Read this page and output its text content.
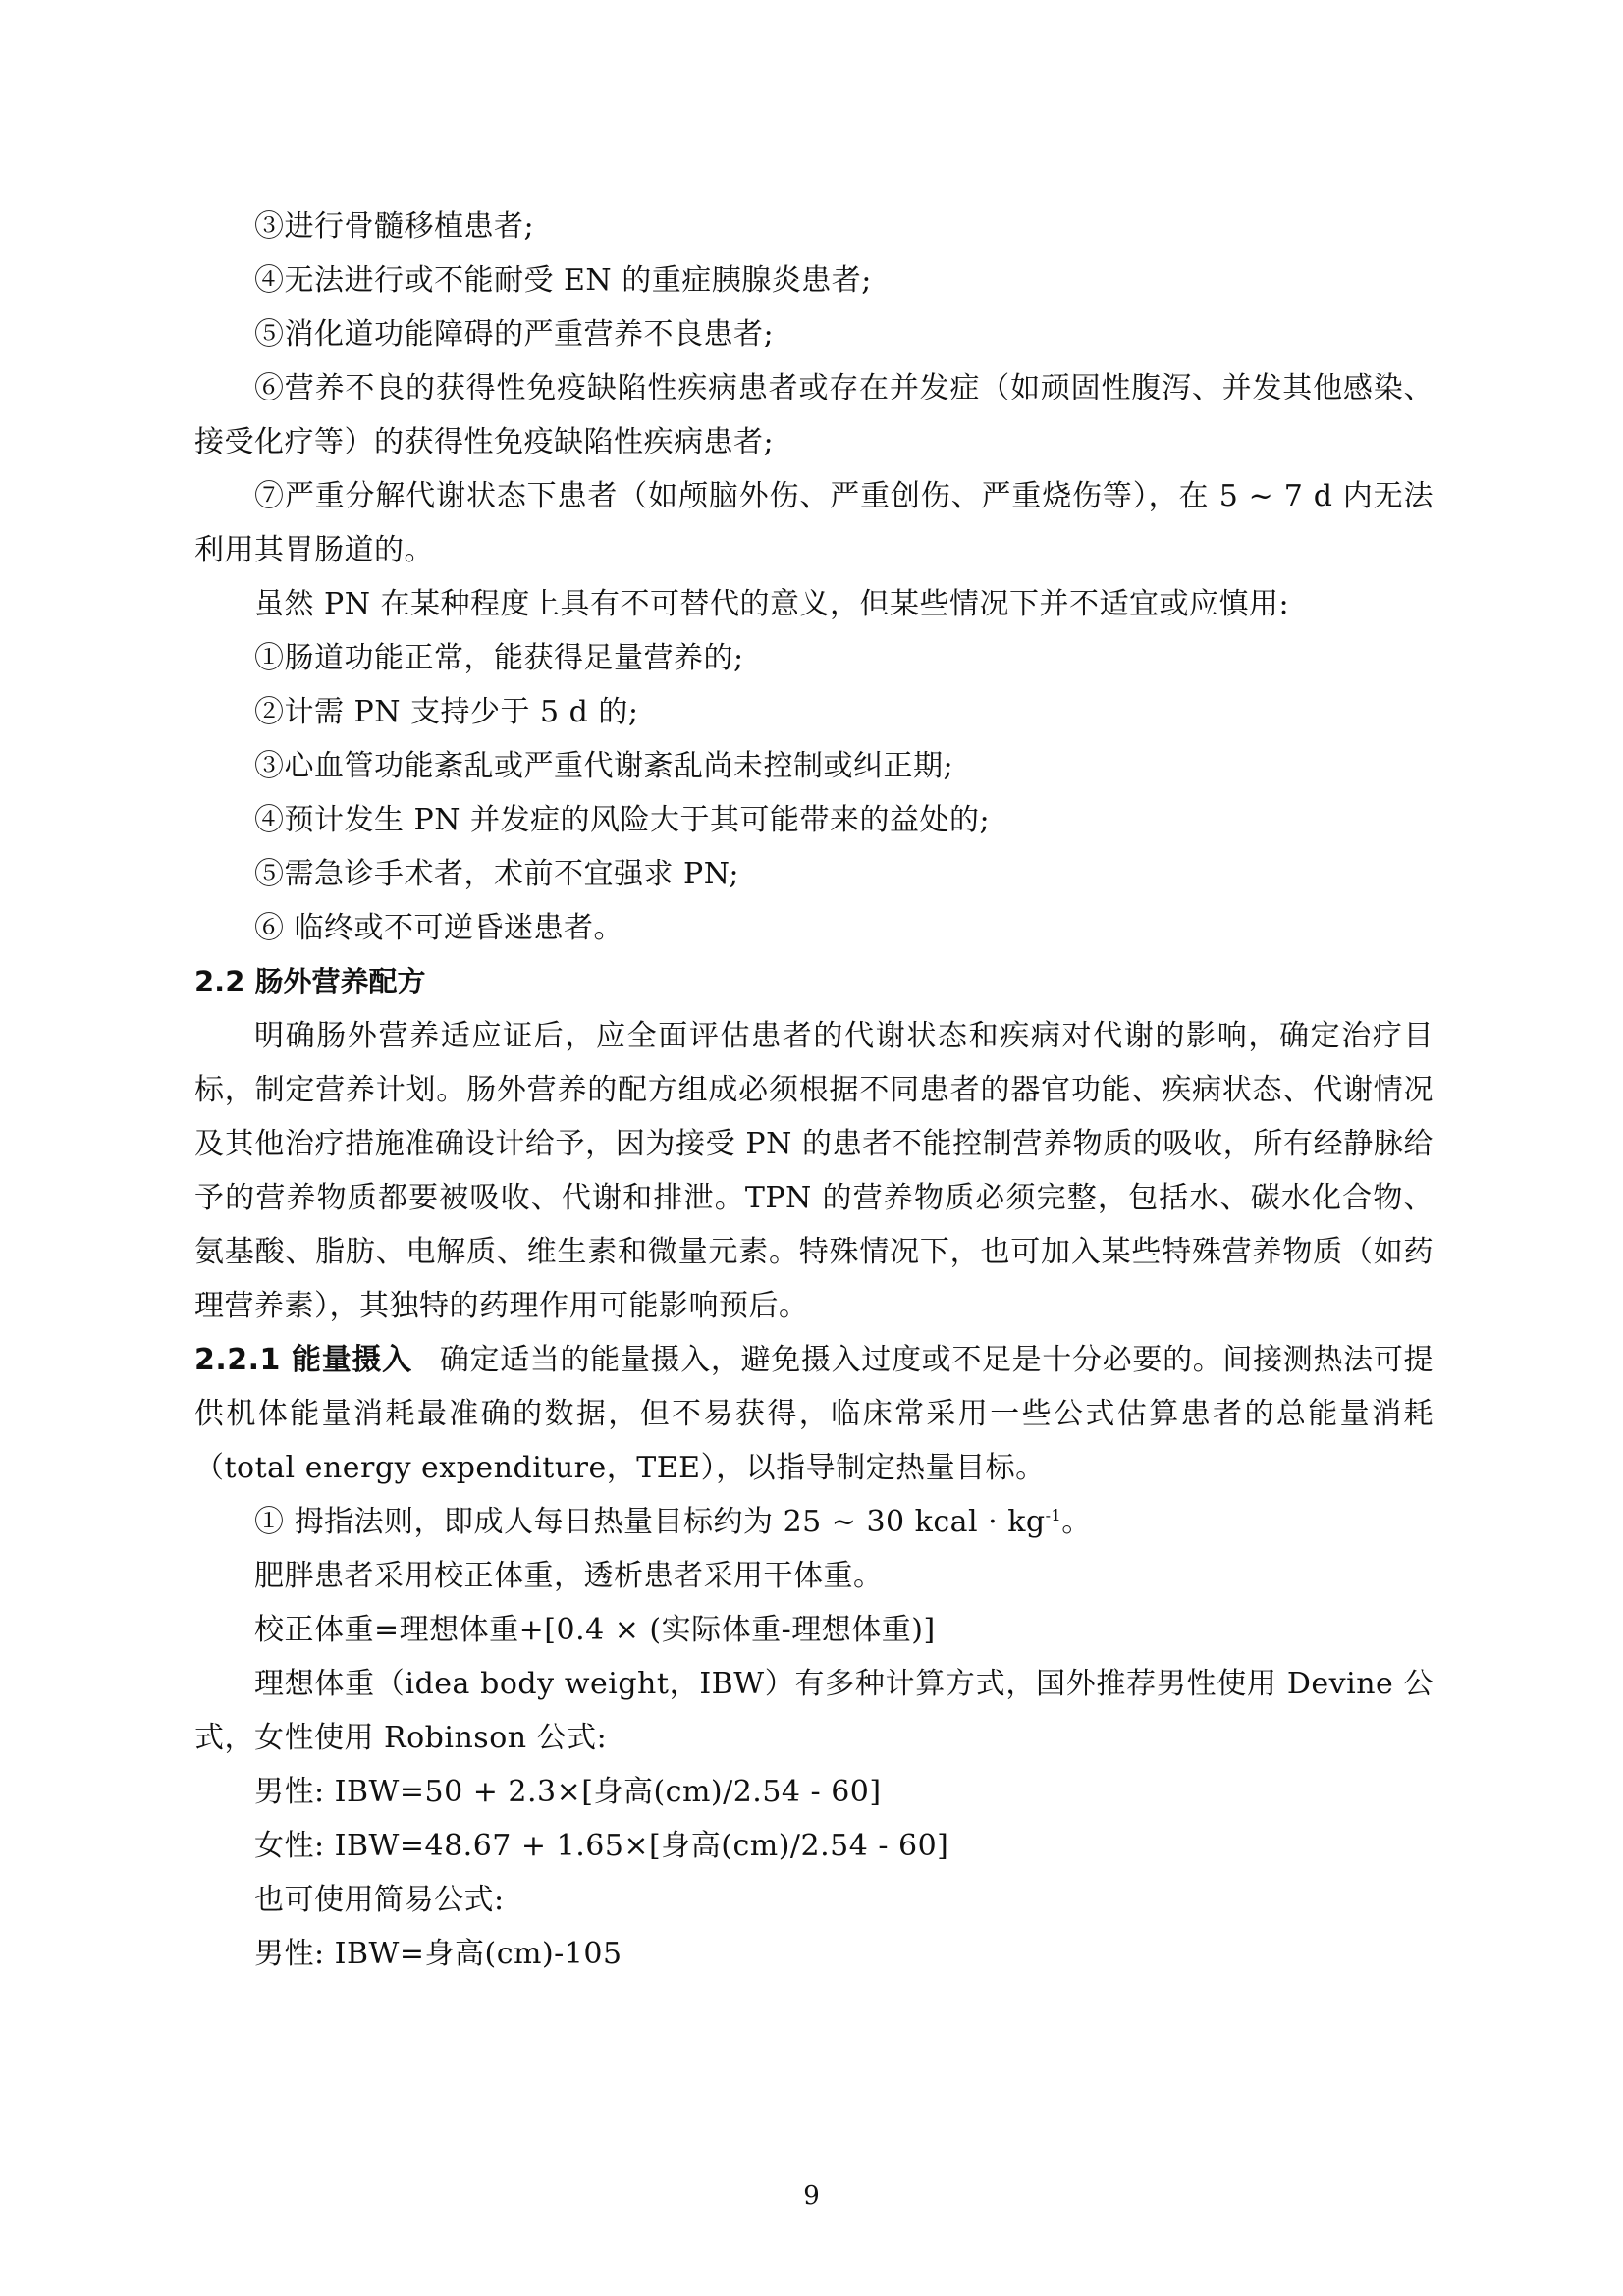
③进行骨髓移植患者;

④无法进行或不能耐受 EN 的重症胰腺炎患者;

⑤消化道功能障碍的严重营养不良患者;

⑥营养不良的获得性免疫缺陷性疾病患者或存在并发症（如顽固性腹泻、并发其他感染、接受化疗等）的获得性免疫缺陷性疾病患者;

⑦严重分解代谢状态下患者（如颅脑外伤、严重创伤、严重烧伤等），在 5 ~ 7 d 内无法利用其胃肠道的。

虽然 PN 在某种程度上具有不可替代的意义，但某些情况下并不适宜或应慎用:

①肠道功能正常，能获得足量营养的;

②计需 PN 支持少于 5 d 的;

③心血管功能紊乱或严重代谢紊乱尚未控制或纠正期;

④预计发生 PN 并发症的风险大于其可能带来的益处的;

⑤需急诊手术者，术前不宜强求 PN;

⑥ 临终或不可逆昏迷患者。

2.2 肠外营养配方

明确肠外营养适应证后，应全面评估患者的代谢状态和疾病对代谢的影响，确定治疗目标，制定营养计划。肠外营养的配方组成必须根据不同患者的器官功能、疾病状态、代谢情况及其他治疗措施准确设计给予，因为接受 PN 的患者不能控制营养物质的吸收，所有经静脉给予的营养物质都要被吸收、代谢和排泄。TPN 的营养物质必须完整，包括水、碳水化合物、氨基酸、脂肪、电解质、维生素和微量元素。特殊情况下，也可加入某些特殊营养物质（如药理营养素），其独特的药理作用可能影响预后。

2.2.1 能量摄入 确定适当的能量摄入，避免摄入过度或不足是十分必要的。间接测热法可提供机体能量消耗最准确的数据，但不易获得，临床常采用一些公式估算患者的总能量消耗（total energy expenditure，TEE），以指导制定热量目标。

① 拇指法则，即成人每日热量目标约为 25 ~ 30 kcal · $kg^{-1}$。

肥胖患者采用校正体重，透析患者采用干体重。

校正体重=理想体重+[0.4 × (实际体重-理想体重)]

理想体重（idea body weight，IBW）有多种计算方式，国外推荐男性使用 Devine 公式，女性使用 Robinson 公式:

男性: IBW=50 + 2.3×[身高(cm)/2.54 - 60]

女性: IBW=48.67 + 1.65×[身高(cm)/2.54 - 60]

也可使用简易公式:

男性: IBW=身高(cm)-105

9
